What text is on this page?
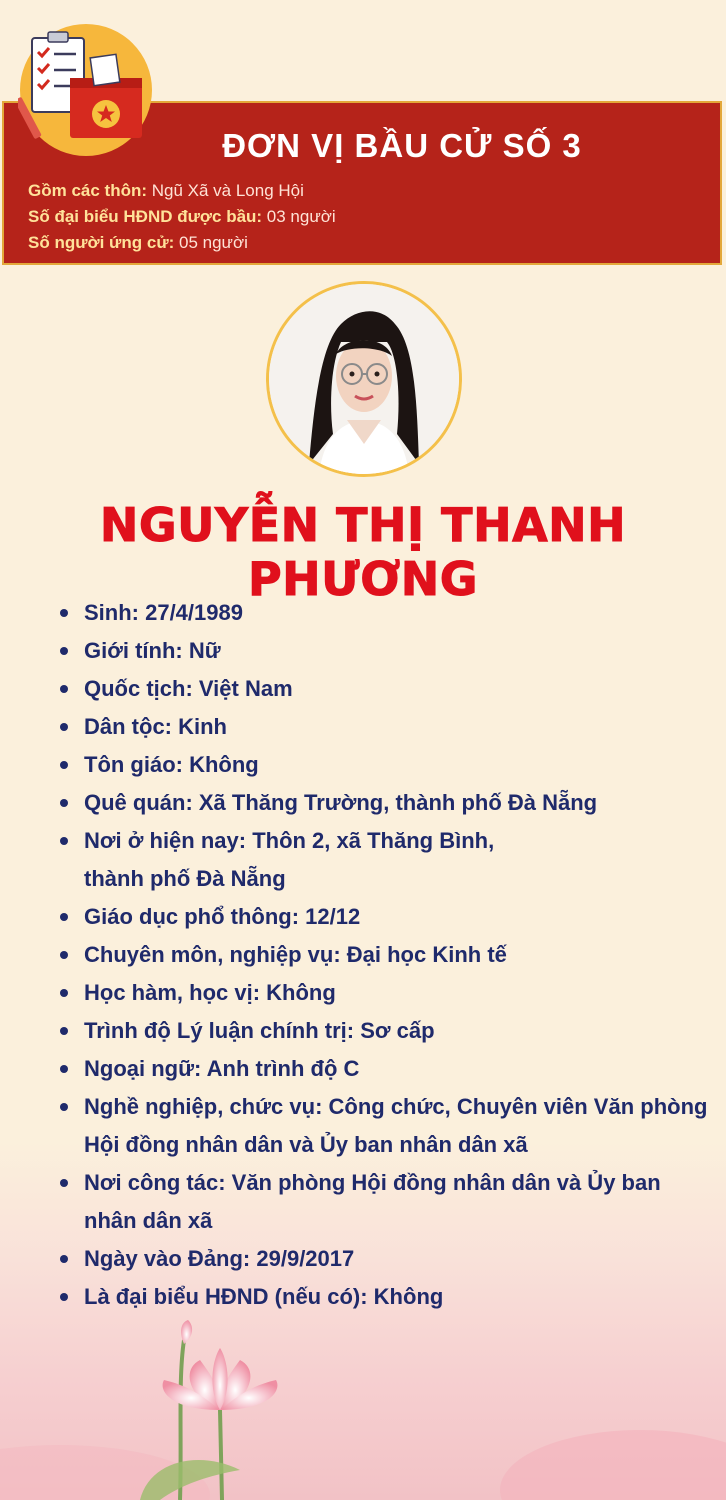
ĐƠN VỊ BẦU CỬ SỐ 3
Gồm các thôn: Ngũ Xã và Long Hội
Số đại biểu HĐND được bầu: 03 người
Số người ứng cử: 05 người
NGUYỄN THỊ THANH PHƯƠNG
Sinh: 27/4/1989
Giới tính: Nữ
Quốc tịch: Việt Nam
Dân tộc: Kinh
Tôn giáo: Không
Quê quán: Xã Thăng Trường, thành phố Đà Nẵng
Nơi ở hiện nay: Thôn 2, xã Thăng Bình, thành phố Đà Nẵng
Giáo dục phổ thông: 12/12
Chuyên môn, nghiệp vụ: Đại học Kinh tế
Học hàm, học vị: Không
Trình độ Lý luận chính trị: Sơ cấp
Ngoại ngữ: Anh trình độ C
Nghề nghiệp, chức vụ: Công chức, Chuyên viên Văn phòng Hội đồng nhân dân và Ủy ban nhân dân xã
Nơi công tác: Văn phòng Hội đồng nhân dân và Ủy ban nhân dân xã
Ngày vào Đảng: 29/9/2017
Là đại biểu HĐND (nếu có): Không
